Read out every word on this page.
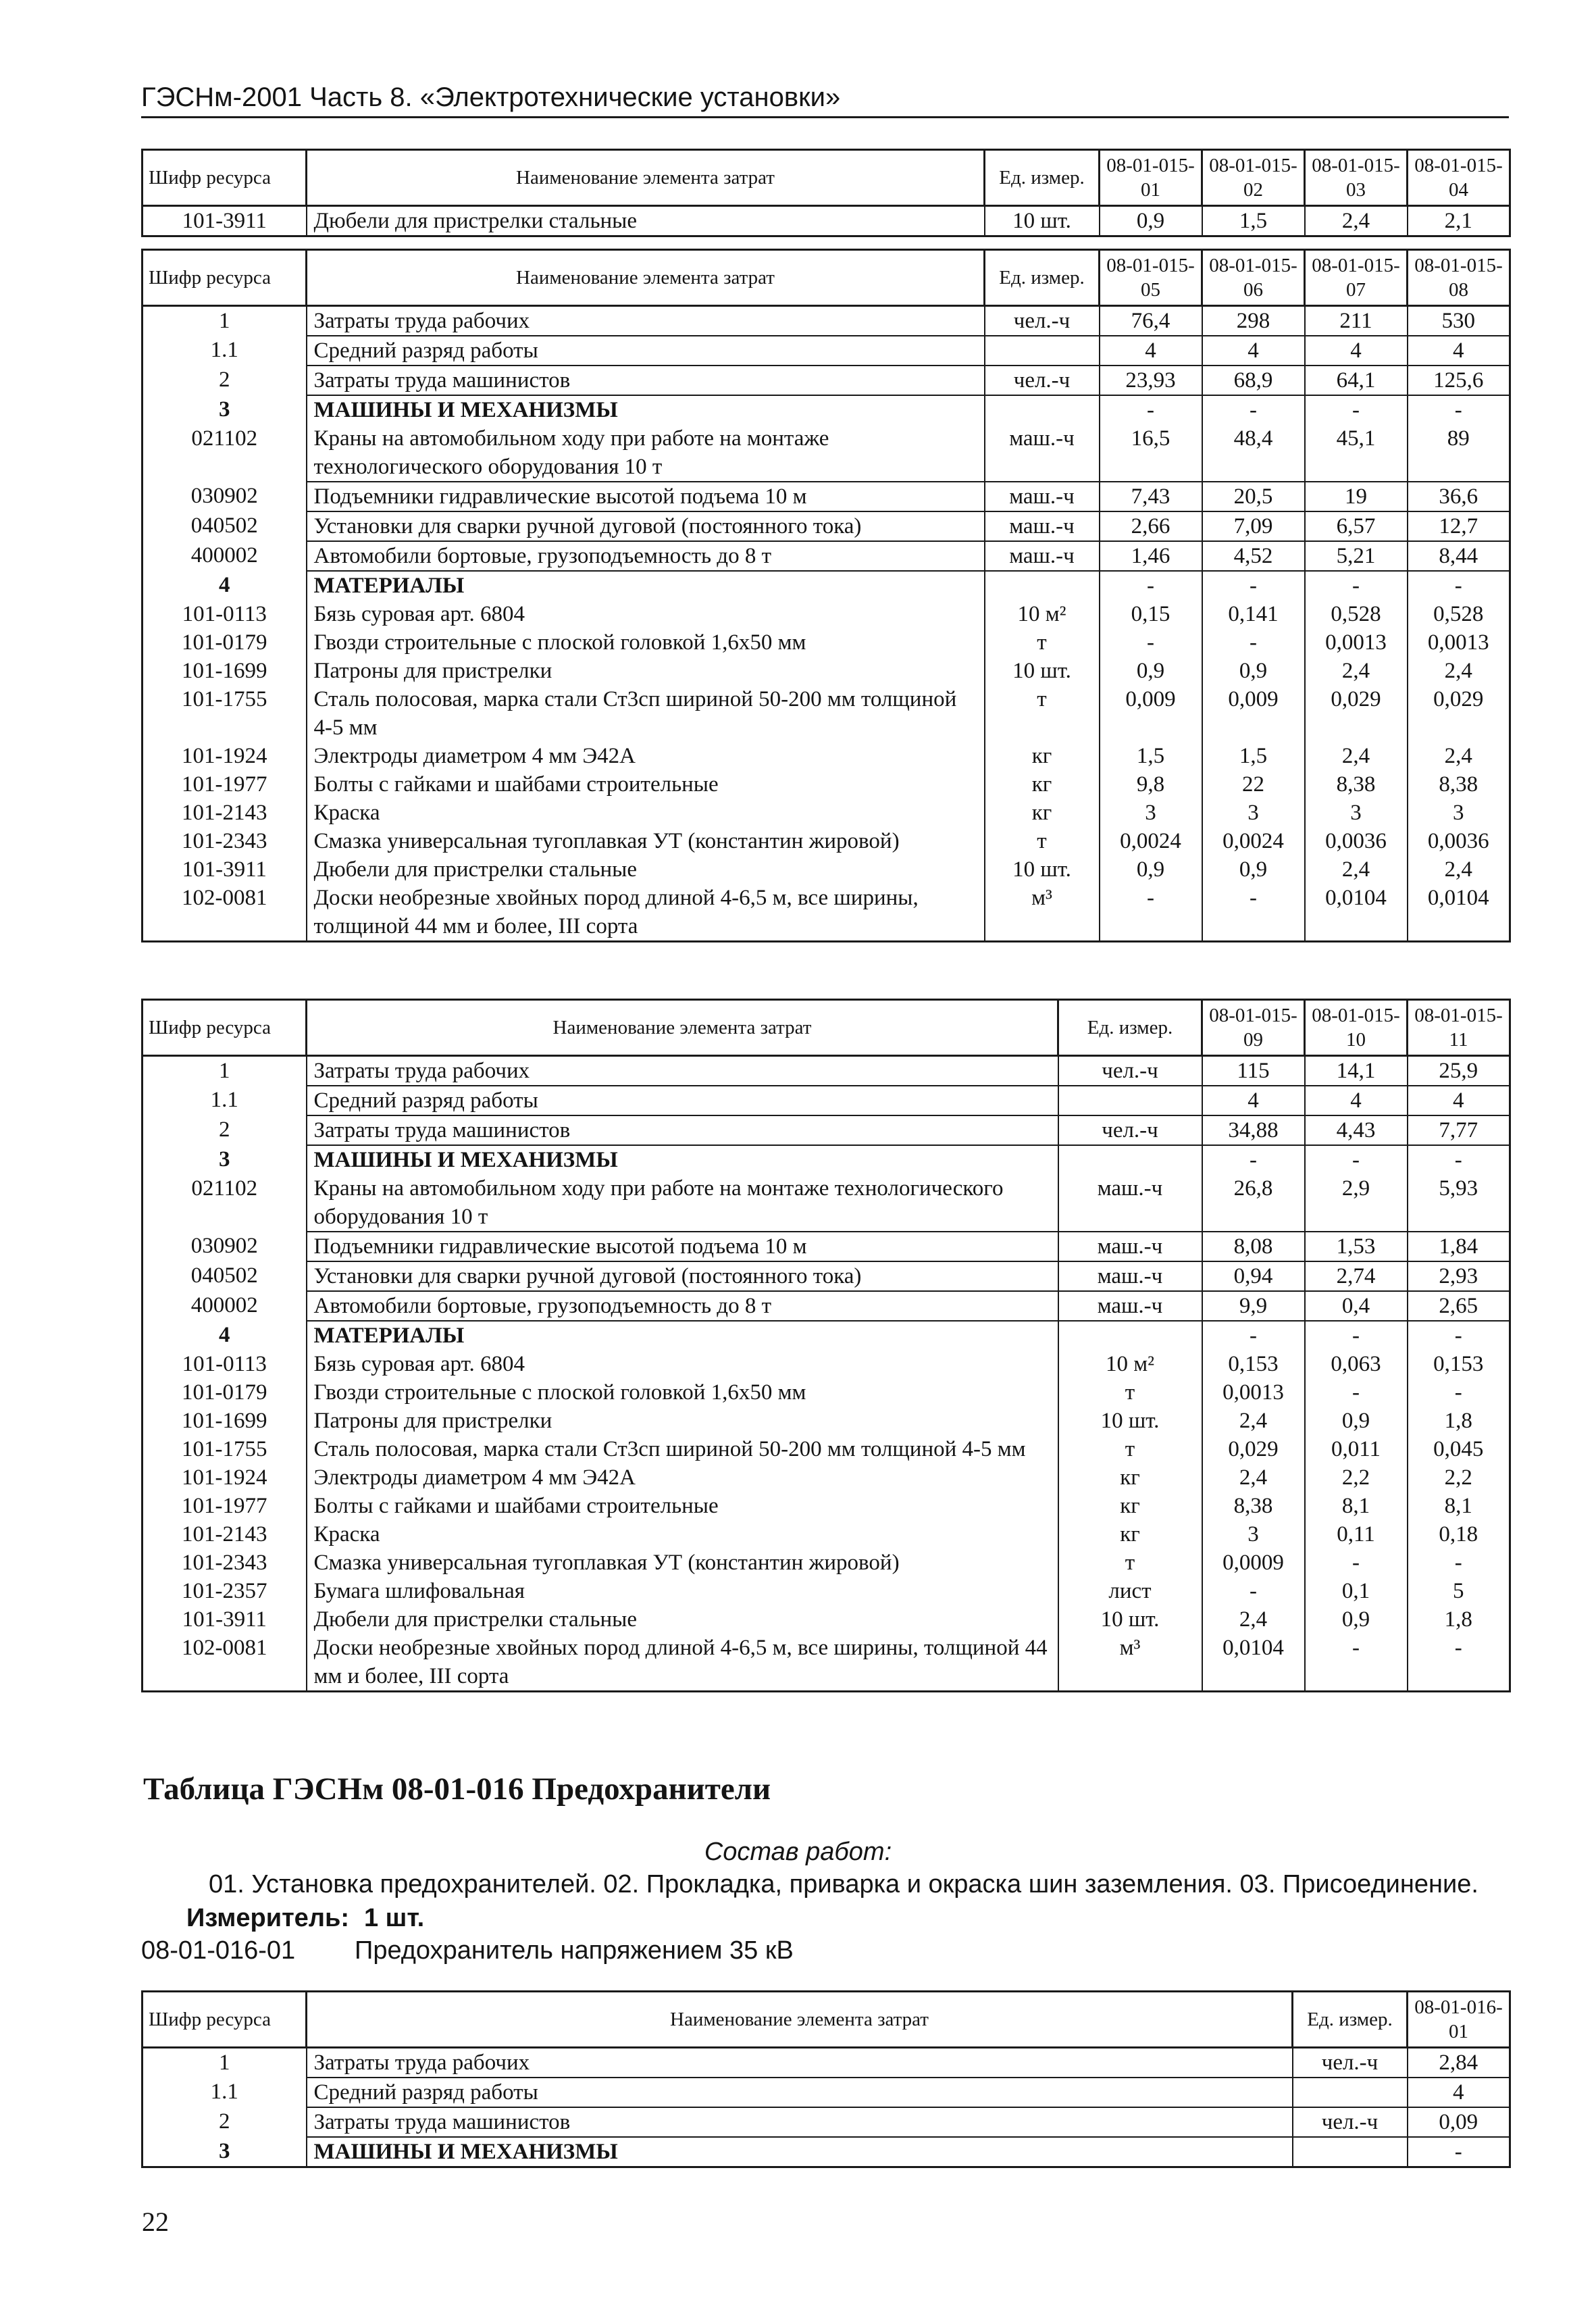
ГЭСНм-2001 Часть 8. «Электротехнические установки»
Шифр ресурса	Наименование элемента затрат	Ед. измер.	08-01-015-01	08-01-015-02	08-01-015-03	08-01-015-04
101-3911	Дюбели для пристрелки стальные	10 шт.	0,9	1,5	2,4	2,1
Шифр ресурса	Наименование элемента затрат	Ед. измер.	08-01-015-05	08-01-015-06	08-01-015-07	08-01-015-08
1	Затраты труда рабочих	чел.-ч	76,4	298	211	530
1.1	Средний разряд работы		4	4	4	4
2	Затраты труда машинистов	чел.-ч	23,93	68,9	64,1	125,6
3	МАШИНЫ И МЕХАНИЗМЫ		-	-	-	-
021102	Краны на автомобильном ходу при работе на монтаже технологического оборудования 10 т	маш.-ч	16,5	48,4	45,1	89
030902	Подъемники гидравлические высотой подъема 10 м	маш.-ч	7,43	20,5	19	36,6
040502	Установки для сварки ручной дуговой (постоянного тока)	маш.-ч	2,66	7,09	6,57	12,7
400002	Автомобили бортовые, грузоподъемность до 8 т	маш.-ч	1,46	4,52	5,21	8,44
4	МАТЕРИАЛЫ		-	-	-	-
101-0113	Бязь суровая арт. 6804	10 м²	0,15	0,141	0,528	0,528
101-0179	Гвозди строительные с плоской головкой 1,6х50 мм	т	-	-	0,0013	0,0013
101-1699	Патроны для пристрелки	10 шт.	0,9	0,9	2,4	2,4
101-1755	Сталь полосовая, марка стали Ст3сп шириной 50-200 мм толщиной 4-5 мм	т	0,009	0,009	0,029	0,029
101-1924	Электроды диаметром 4 мм Э42А	кг	1,5	1,5	2,4	2,4
101-1977	Болты с гайками и шайбами строительные	кг	9,8	22	8,38	8,38
101-2143	Краска	кг	3	3	3	3
101-2343	Смазка универсальная тугоплавкая УТ (константин жировой)	т	0,0024	0,0024	0,0036	0,0036
101-3911	Дюбели для пристрелки стальные	10 шт.	0,9	0,9	2,4	2,4
102-0081	Доски необрезные хвойных пород длиной 4-6,5 м, все ширины, толщиной 44 мм и более, III сорта	м³	-	-	0,0104	0,0104
Шифр ресурса	Наименование элемента затрат	Ед. измер.	08-01-015-09	08-01-015-10	08-01-015-11
1	Затраты труда рабочих	чел.-ч	115	14,1	25,9
1.1	Средний разряд работы		4	4	4
2	Затраты труда машинистов	чел.-ч	34,88	4,43	7,77
3	МАШИНЫ И МЕХАНИЗМЫ		-	-	-
021102	Краны на автомобильном ходу при работе на монтаже технологического оборудования 10 т	маш.-ч	26,8	2,9	5,93
030902	Подъемники гидравлические высотой подъема 10 м	маш.-ч	8,08	1,53	1,84
040502	Установки для сварки ручной дуговой (постоянного тока)	маш.-ч	0,94	2,74	2,93
400002	Автомобили бортовые, грузоподъемность до 8 т	маш.-ч	9,9	0,4	2,65
4	МАТЕРИАЛЫ		-	-	-
101-0113	Бязь суровая арт. 6804	10 м²	0,153	0,063	0,153
101-0179	Гвозди строительные с плоской головкой 1,6х50 мм	т	0,0013	-	-
101-1699	Патроны для пристрелки	10 шт.	2,4	0,9	1,8
101-1755	Сталь полосовая, марка стали Ст3сп шириной 50-200 мм толщиной 4-5 мм	т	0,029	0,011	0,045
101-1924	Электроды диаметром 4 мм Э42А	кг	2,4	2,2	2,2
101-1977	Болты с гайками и шайбами строительные	кг	8,38	8,1	8,1
101-2143	Краска	кг	3	0,11	0,18
101-2343	Смазка универсальная тугоплавкая УТ (константин жировой)	т	0,0009	-	-
101-2357	Бумага шлифовальная	лист	-	0,1	5
101-3911	Дюбели для пристрелки стальные	10 шт.	2,4	0,9	1,8
102-0081	Доски необрезные хвойных пород длиной 4-6,5 м, все ширины, толщиной 44 мм и более, III сорта	м³	0,0104	-	-
Таблица ГЭСНм 08-01-016 Предохранители
Состав работ:
01. Установка предохранителей. 02. Прокладка, приварка и окраска шин заземления. 03. Присоединение.
Измеритель: 1 шт.
08-01-016-01 Предохранитель напряжением 35 кВ
Шифр ресурса	Наименование элемента затрат	Ед. измер.	08-01-016-01
1	Затраты труда рабочих	чел.-ч	2,84
1.1	Средний разряд работы		4
2	Затраты труда машинистов	чел.-ч	0,09
3	МАШИНЫ И МЕХАНИЗМЫ		-
22
